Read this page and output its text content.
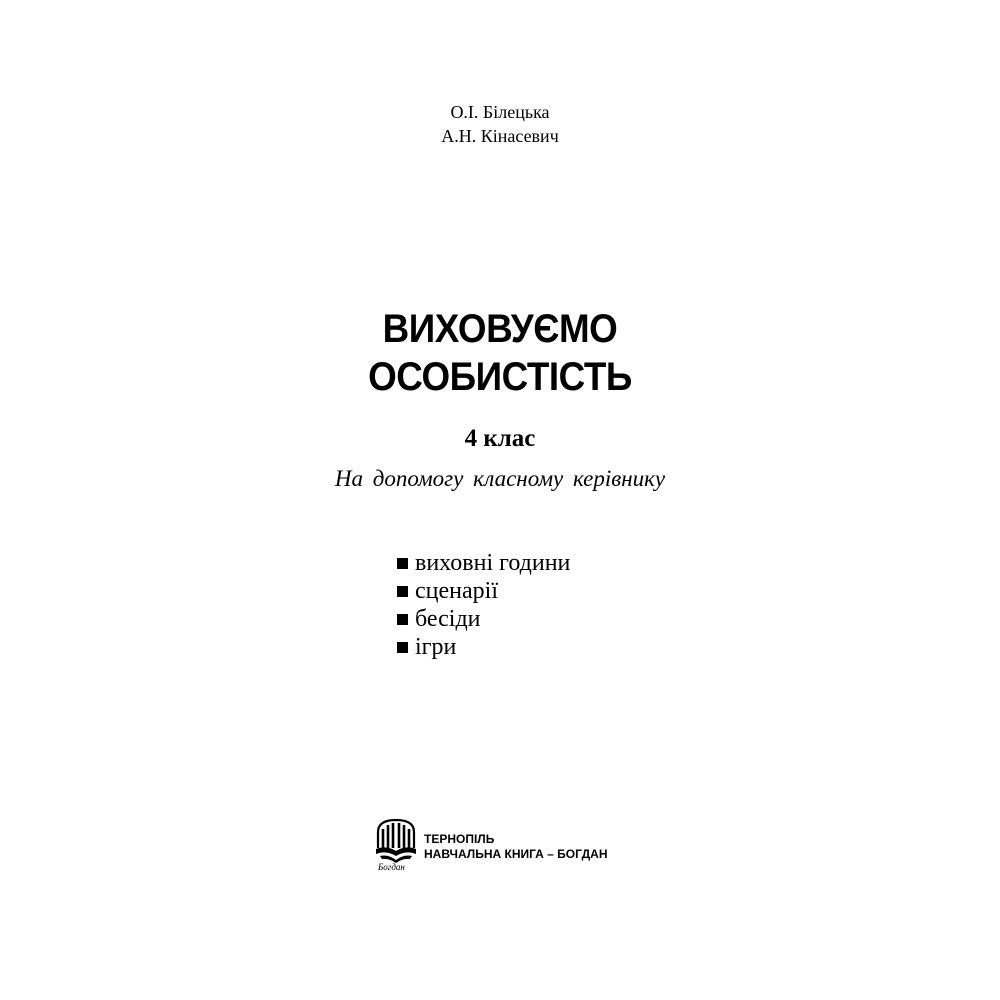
О.І. Білецька
А.Н. Кінасевич
ВИХОВУЄМО
ОСОБИСТІСТЬ
4 клас
На допомогу класному керівнику
виховні години
сценарії
бесіди
ігри
Богдан
ТЕРНОПІЛЬ
НАВЧАЛЬНА КНИГА – БОГДАН
